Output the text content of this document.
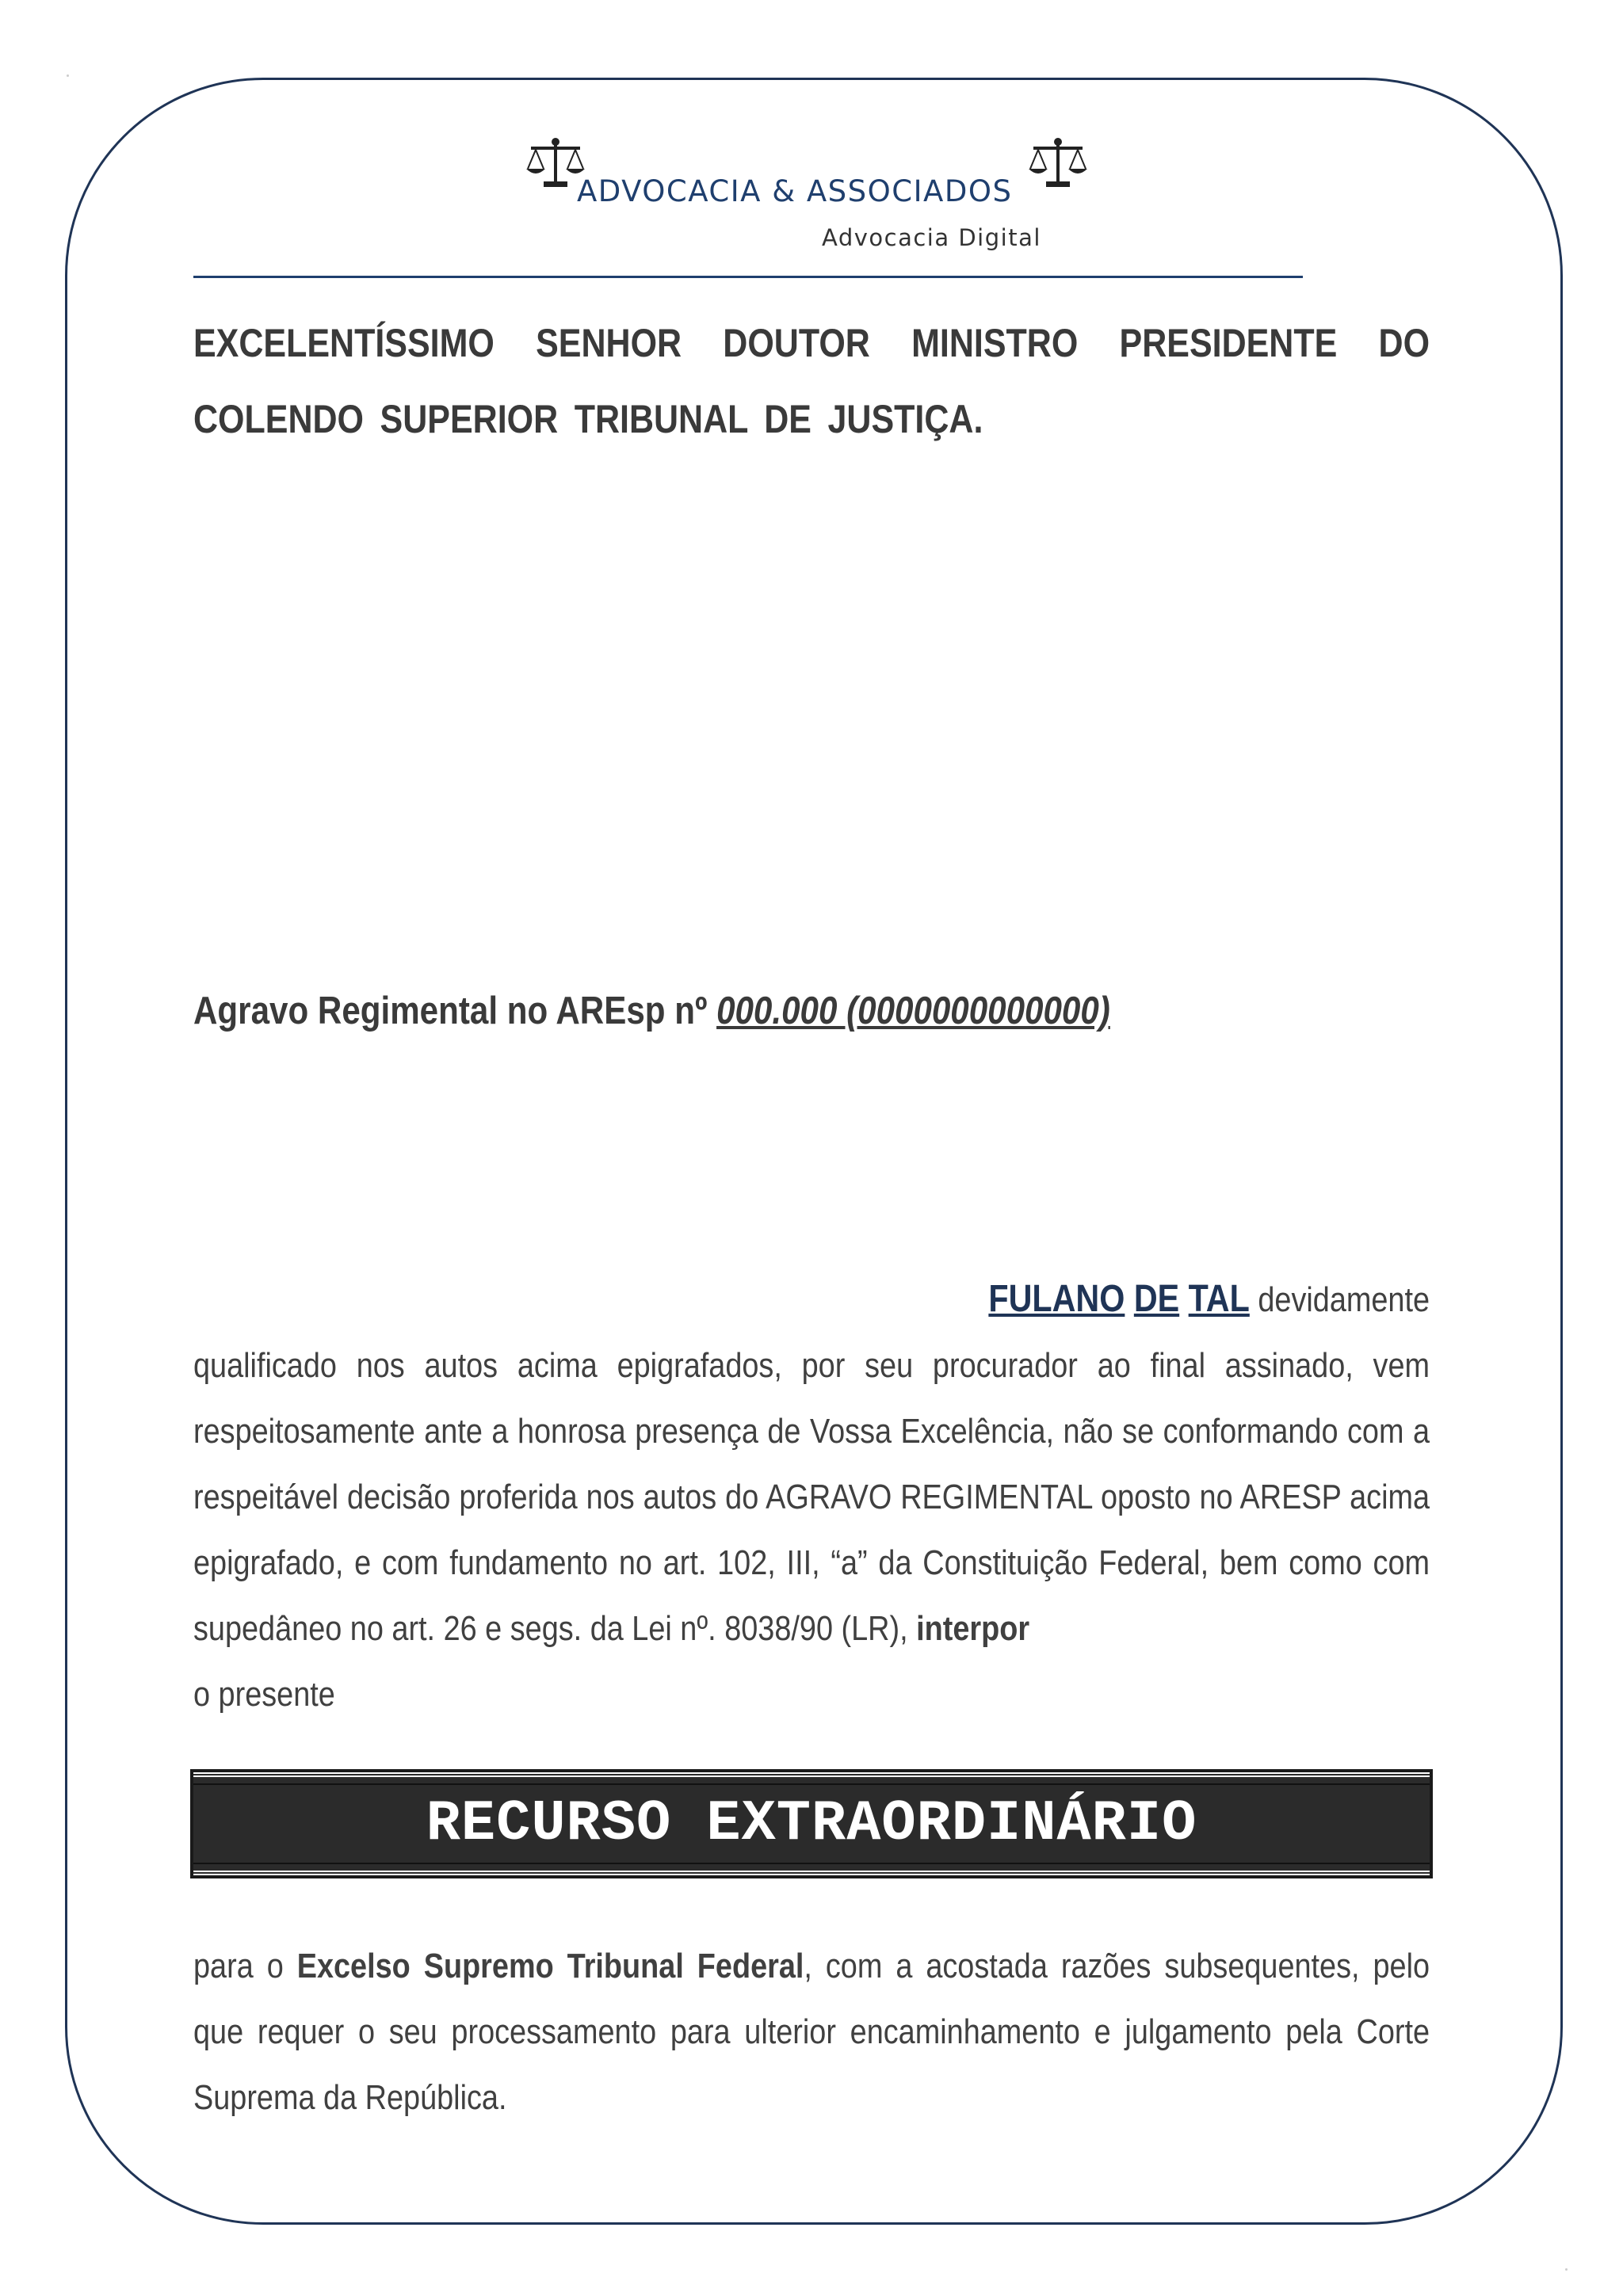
ADVOCACIA & ASSOCIADOS
Advocacia Digital
EXCELENTÍSSIMO SENHOR DOUTOR MINISTRO PRESIDENTE DO
COLENDO SUPERIOR TRIBUNAL DE JUSTIÇA.
Agravo Regimental no AREsp nº 000.000 (0000000000000)
FULANO DE TAL devidamente
qualificado nos autos acima epigrafados, por seu procurador ao final assinado, vem respeitosamente ante a honrosa presença de Vossa Excelência, não se conformando com a respeitável decisão proferida nos autos do AGRAVO REGIMENTAL oposto no ARESP acima epigrafado, e com fundamento no art. 102, III, “a” da Constituição Federal, bem como com supedâneo no art. 26 e segs. da Lei nº. 8038/90 (LR), interpor
o presente
RECURSO EXTRAORDINÁRIO
para o Excelso Supremo Tribunal Federal, com a acostada razões subsequentes, pelo que requer o seu processamento para ulterior encaminhamento e julgamento pela Corte Suprema da República.
